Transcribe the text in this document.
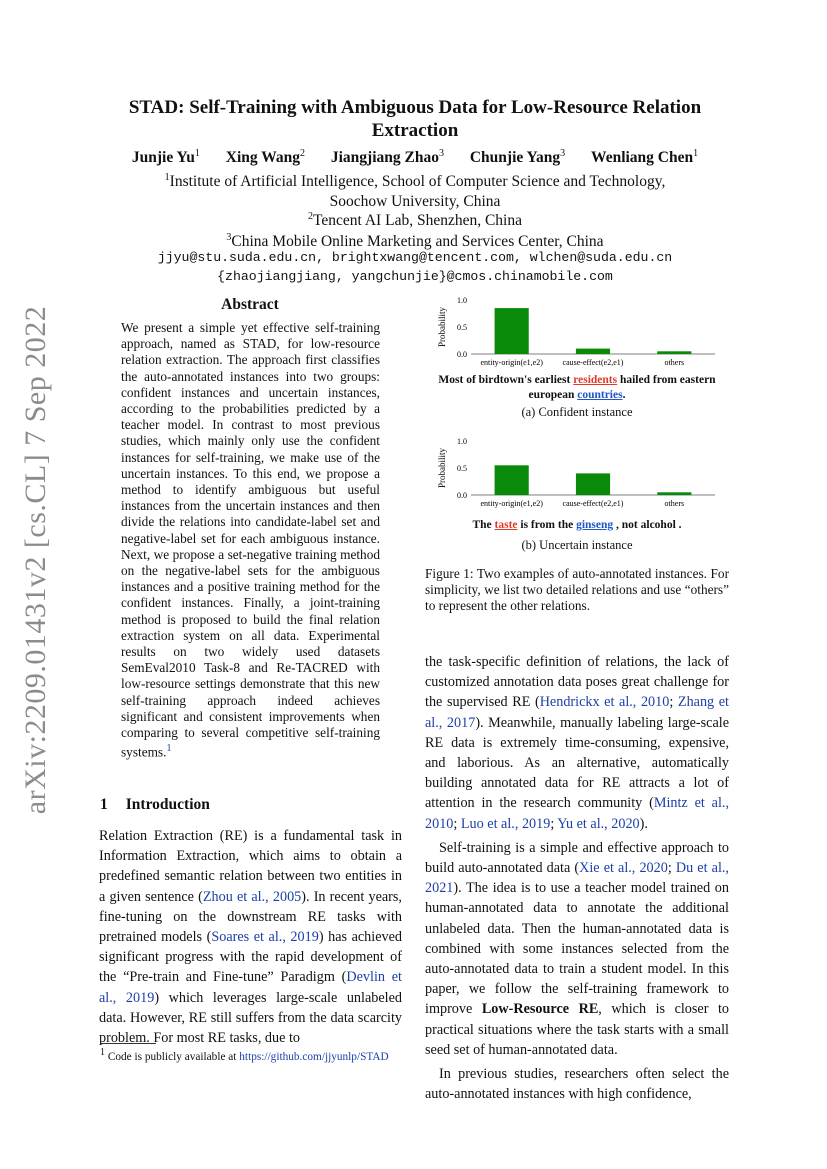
arXiv:2209.01431v2 [cs.CL] 7 Sep 2022
STAD: Self-Training with Ambiguous Data for Low-Resource Relation Extraction
Junjie Yu$^1$ Xing Wang$^2$ Jiangjiang Zhao$^3$ Chunjie Yang$^3$ Wenliang Chen$^1$
$^1$Institute of Artificial Intelligence, School of Computer Science and Technology,
Soochow University, China
$^2$Tencent AI Lab, Shenzhen, China
$^3$China Mobile Online Marketing and Services Center, China
jjyu@stu.suda.edu.cn, brightxwang@tencent.com, wlchen@suda.edu.cn
{zhaojiangjiang, yangchunjie}@cmos.chinamobile.com
Abstract
We present a simple yet effective self-training approach, named as STAD, for low-resource relation extraction. The approach first classifies the auto-annotated instances into two groups: confident instances and uncertain instances, according to the probabilities predicted by a teacher model. In contrast to most previous studies, which mainly only use the confident instances for self-training, we make use of the uncertain instances. To this end, we propose a method to identify ambiguous but useful instances from the uncertain instances and then divide the relations into candidate-label set and negative-label set for each ambiguous instance. Next, we propose a set-negative training method on the negative-label sets for the ambiguous instances and a positive training method for the confident instances. Finally, a joint-training method is proposed to build the final relation extraction system on all data. Experimental results on two widely used datasets SemEval2010 Task-8 and Re-TACRED with low-resource settings demonstrate that this new self-training approach indeed achieves significant and consistent improvements when comparing to several competitive self-training systems.$^1$
1 Introduction
Relation Extraction (RE) is a fundamental task in Information Extraction, which aims to obtain a predefined semantic relation between two entities in a given sentence (Zhou et al., 2005). In recent years, fine-tuning on the downstream RE tasks with pretrained models (Soares et al., 2019) has achieved significant progress with the rapid development of the “Pre-train and Fine-tune” Paradigm (Devlin et al., 2019) which leverages large-scale unlabeled data. However, RE still suffers from the data scarcity problem. For most RE tasks, due to
$^1$ Code is publicly available at https://github.com/jjyunlp/STAD
Probability
0.0
0.5
1.0
entity-origin(e1,e2) cause-effect(e2,e1)	others
Most of birdtown's earliest residents hailed from eastern european countries.
(a) Confident instance
Probability
0.0
0.5
1.0
entity-origin(e1,e2) cause-effect(e2,e1)	others
The taste is from the ginseng , not alcohol .
(b) Uncertain instance
Figure 1: Two examples of auto-annotated instances. For simplicity, we list two detailed relations and use “others” to represent the other relations.

the task-specific definition of relations, the lack of customized annotation data poses great challenge for the supervised RE (Hendrickx et al., 2010; Zhang et al., 2017). Meanwhile, manually labeling large-scale RE data is extremely time-consuming, expensive, and laborious. As an alternative, automatically building annotated data for RE attracts a lot of attention in the research community (Mintz et al., 2010; Luo et al., 2019; Yu et al., 2020).

Self-training is a simple and effective approach to build auto-annotated data (Xie et al., 2020; Du et al., 2021). The idea is to use a teacher model trained on human-annotated data to annotate the additional unlabeled data. Then the human-annotated data is combined with some instances selected from the auto-annotated data to train a student model. In this paper, we follow the self-training framework to improve Low-Resource RE, which is closer to practical situations where the task starts with a small seed set of human-annotated data.

In previous studies, researchers often select the auto-annotated instances with high confidence,
